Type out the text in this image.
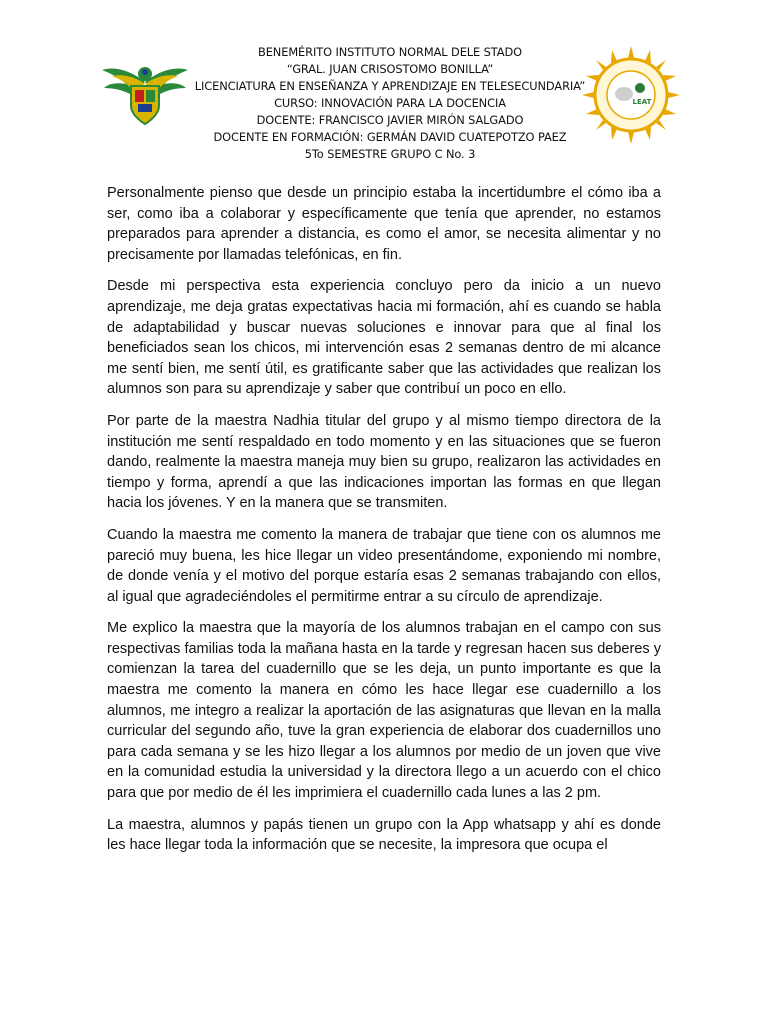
LEAT
BENEMÉRITO INSTITUTO NORMAL DELE STADO
“GRAL. JUAN CRISOSTOMO BONILLA”
LICENCIATURA EN ENSEÑANZA Y APRENDIZAJE EN TELESECUNDARIA”
CURSO: INNOVACIÓN PARA LA DOCENCIA
DOCENTE: FRANCISCO JAVIER MIRÓN SALGADO
DOCENTE EN FORMACIÓN: GERMÁN DAVID CUATEPOTZO PAEZ
5To SEMESTRE GRUPO C No. 3

Personalmente pienso que desde un principio estaba la incertidumbre el cómo iba a ser, como iba a colaborar y específicamente que tenía que aprender, no estamos preparados para aprender a distancia, es como el amor, se necesita alimentar y no precisamente por llamadas telefónicas, en fin.

Desde mi perspectiva esta experiencia concluyo pero da inicio a un nuevo aprendizaje, me deja gratas expectativas hacia mi formación, ahí es cuando se habla de adaptabilidad y buscar nuevas soluciones e innovar para que al final los beneficiados sean los chicos, mi intervención esas 2 semanas dentro de mi alcance me sentí bien, me sentí útil, es gratificante saber que las actividades que realizan los alumnos son para su aprendizaje y saber que contribuí un poco en ello.

Por parte de la maestra Nadhia titular del grupo y al mismo tiempo directora de la institución me sentí respaldado en todo momento y en las situaciones que se fueron dando, realmente la maestra maneja muy bien su grupo, realizaron las actividades en tiempo y forma, aprendí a que las indicaciones importan las formas en que llegan hacia los jóvenes. Y en la manera que se transmiten.

Cuando la maestra me comento la manera de trabajar que tiene con os alumnos me pareció muy buena, les hice llegar un video presentándome, exponiendo mi nombre, de donde venía y el motivo del porque estaría esas 2 semanas trabajando con ellos, al igual que agradeciéndoles el permitirme entrar a su círculo de aprendizaje.

Me explico la maestra que la mayoría de los alumnos trabajan en el campo con sus respectivas familias toda la mañana hasta en la tarde y regresan hacen sus deberes y comienzan la tarea del cuadernillo que se les deja, un punto importante es que la maestra me comento la manera en cómo les hace llegar ese cuadernillo a los alumnos, me integro a realizar la aportación de las asignaturas que llevan en la malla curricular del segundo año, tuve la gran experiencia de elaborar dos cuadernillos uno para cada semana y se les hizo llegar a los alumnos por medio de un joven que vive en la comunidad estudia la universidad y la directora llego a un acuerdo con el chico para que por medio de él les imprimiera el cuadernillo cada lunes a las 2 pm.

La maestra, alumnos y papás tienen un grupo con la App whatsapp y ahí es donde les hace llegar toda la información que se necesite, la impresora que ocupa el
